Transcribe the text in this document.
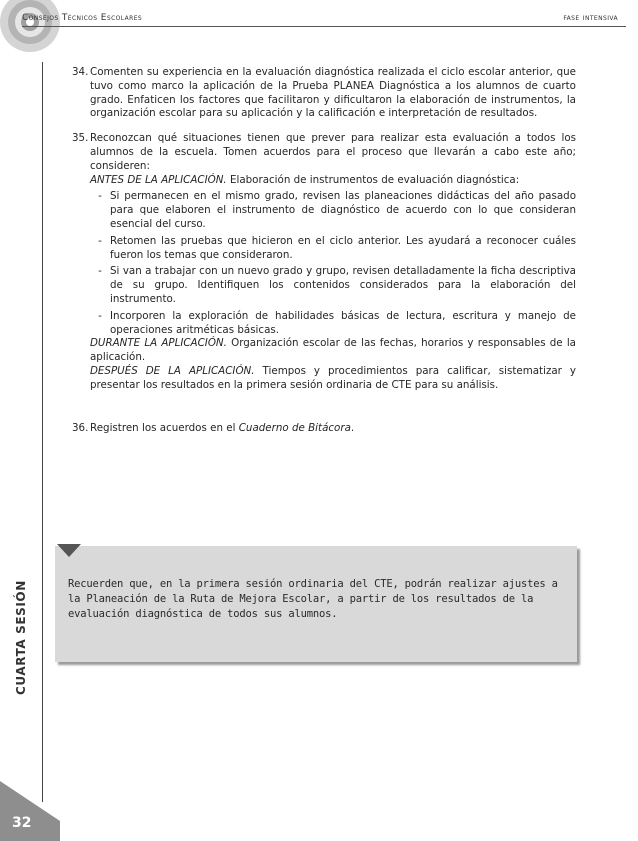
Consejos Técnicos Escolares	fase intensiva
CUARTA SESIÓN
32
34. Comenten su experiencia en la evaluación diagnóstica realizada el ciclo escolar anterior, que tuvo como marco la aplicación de la Prueba PLANEA Diagnóstica a los alumnos de cuarto grado. Enfaticen los factores que facilitaron y dificultaron la elaboración de instrumentos, la organización escolar para su aplicación y la calificación e interpretación de resultados.

35. Reconozcan qué situaciones tienen que prever para realizar esta evaluación a todos los alumnos de la escuela. Tomen acuerdos para el proceso que llevarán a cabo este año; consideren:

ANTES DE LA APLICACIÓN. Elaboración de instrumentos de evaluación diagnóstica:

- Si permanecen en el mismo grado, revisen las planeaciones didácticas del año pasado para que elaboren el instrumento de diagnóstico de acuerdo con lo que consideran esencial del curso.
- Retomen las pruebas que hicieron en el ciclo anterior. Les ayudará a reconocer cuáles fueron los temas que consideraron.
- Si van a trabajar con un nuevo grado y grupo, revisen detalladamente la ficha descriptiva de su grupo. Identifiquen los contenidos considerados para la elaboración del instrumento.
- Incorporen la exploración de habilidades básicas de lectura, escritura y manejo de operaciones aritméticas básicas.

DURANTE LA APLICACIÓN. Organización escolar de las fechas, horarios y responsables de la aplicación.

DESPUÉS DE LA APLICACIÓN. Tiempos y procedimientos para calificar, sistematizar y presentar los resultados en la primera sesión ordinaria de CTE para su análisis.

36. Registren los acuerdos en el Cuaderno de Bitácora.

Recuerden que, en la primera sesión ordinaria del CTE, podrán realizar ajustes a la Planeación de la Ruta de Mejora Escolar, a partir de los resultados de la evaluación diagnóstica de todos sus alumnos.
